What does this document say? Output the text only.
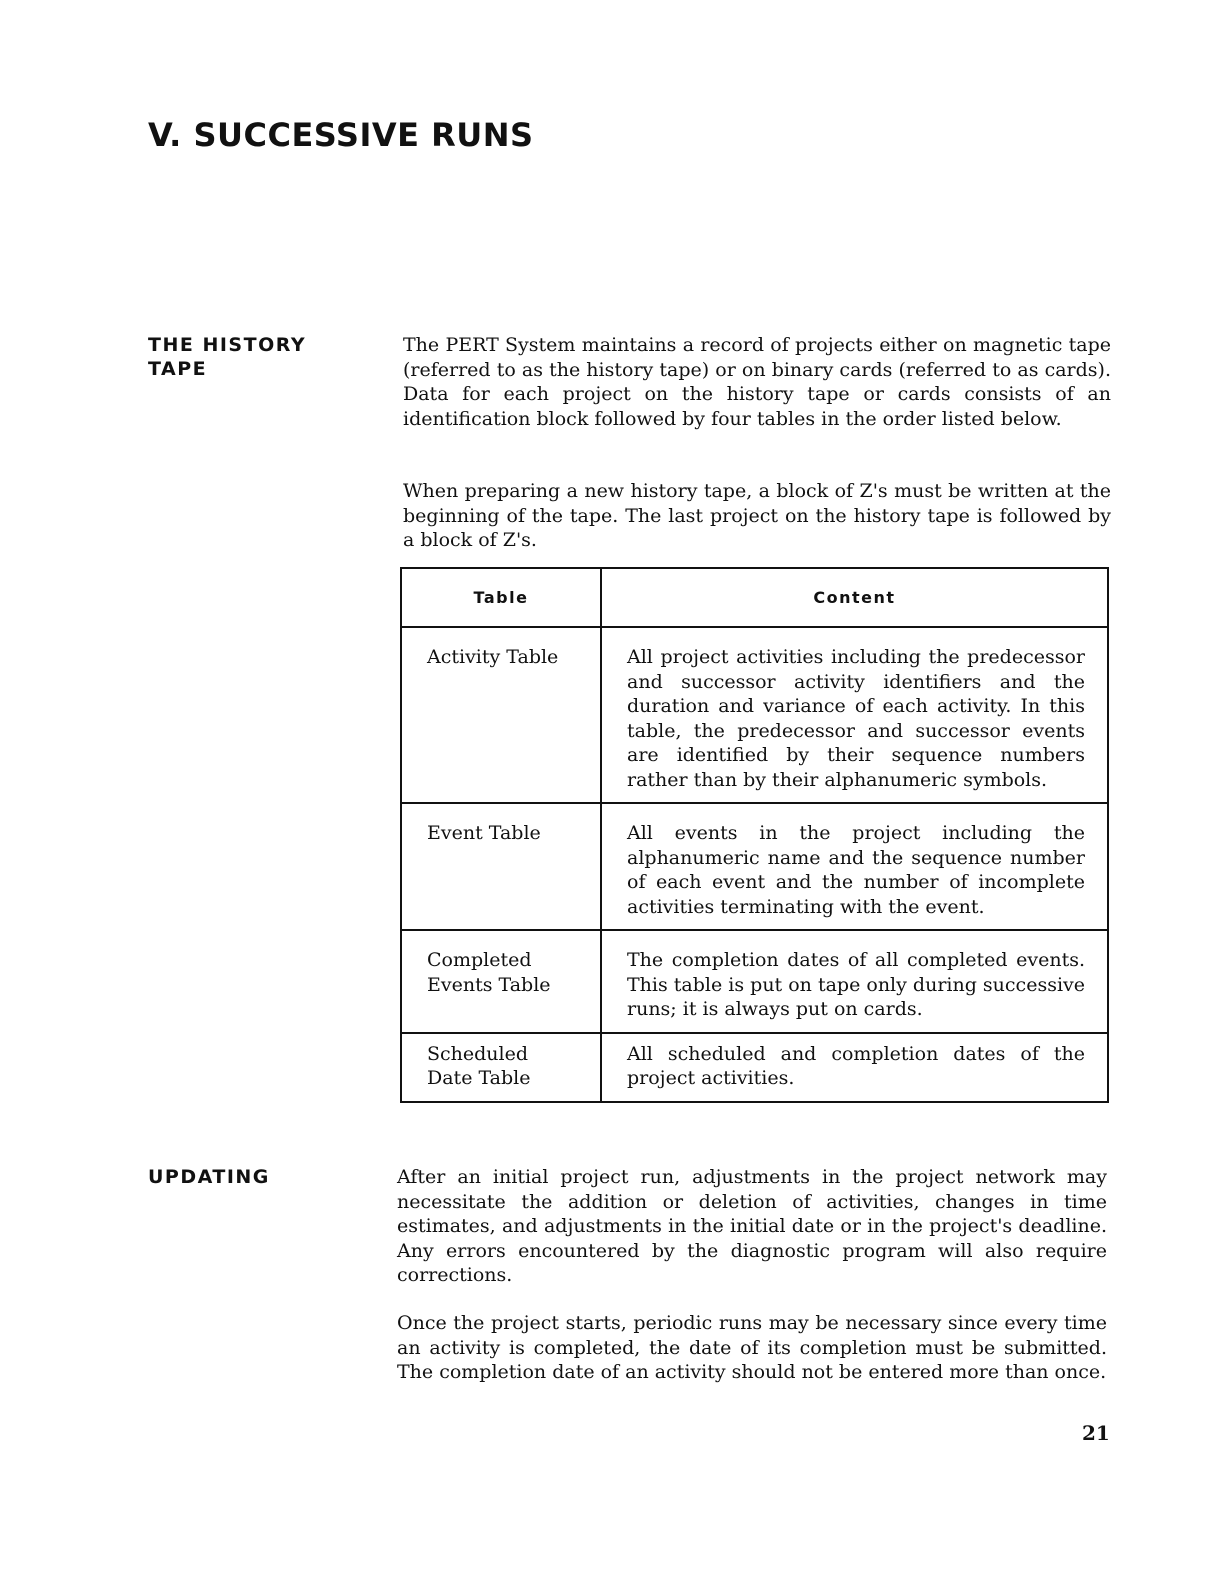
V. SUCCESSIVE RUNS
THE HISTORY
TAPE

The PERT System maintains a record of projects either on magnetic tape (referred to as the history tape) or on binary cards (referred to as cards). Data for each project on the history tape or cards consists of an identification block followed by four tables in the order listed below.

When preparing a new history tape, a block of Z's must be written at the beginning of the tape. The last project on the history tape is followed by a block of Z's.

Table	Content

Activity Table	All project activities including the predecessor and successor activity identifiers and the duration and variance of each activity. In this table, the predecessor and successor events are identified by their sequence numbers rather than by their alphanumeric symbols.

Event Table	All events in the project including the alphanumeric name and the sequence number of each event and the number of incomplete activities terminating with the event.

Completed
Events Table	The completion dates of all completed events. This table is put on tape only during successive runs; it is always put on cards.

Scheduled
Date Table	All scheduled and completion dates of the project activities.
UPDATING	After an initial project run, adjustments in the project network may necessitate the addition or deletion of activities, changes in time estimates, and adjustments in the initial date or in the project's deadline. Any errors encountered by the diagnostic program will also require corrections.

Once the project starts, periodic runs may be necessary since every time an activity is completed, the date of its completion must be submitted. The completion date of an activity should not be entered more than once.

21
